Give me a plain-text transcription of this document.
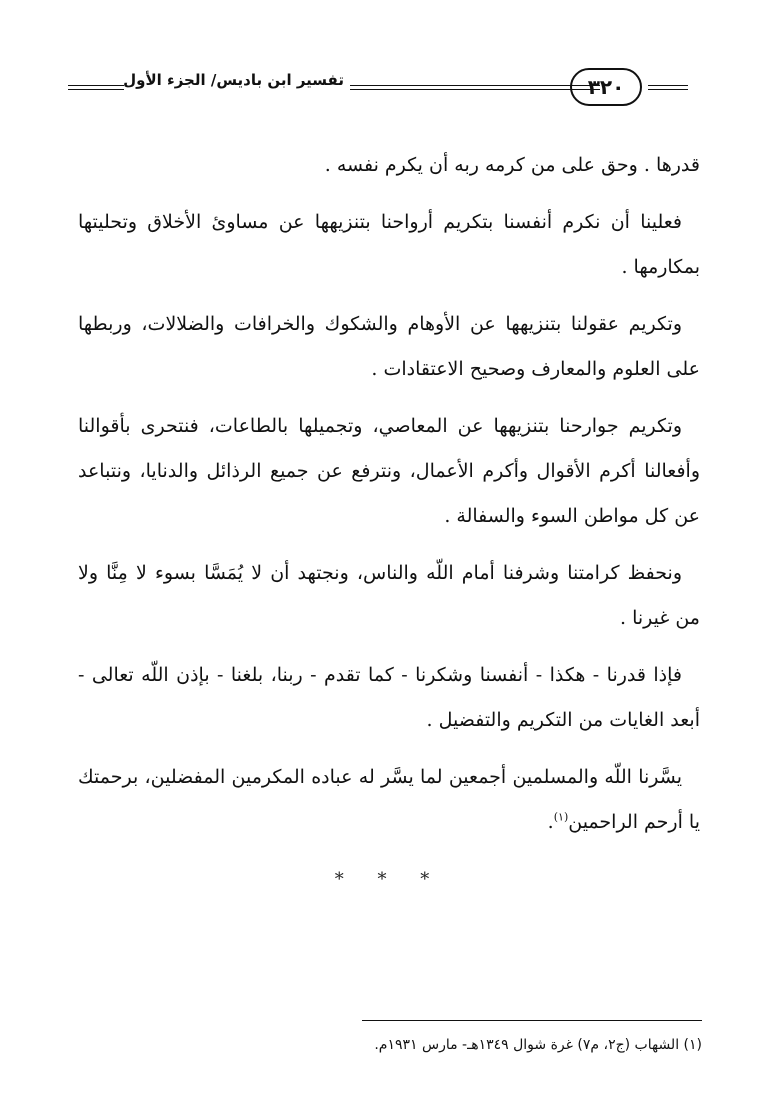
٣٢٠
تفسير ابن باديس/ الجزء الأول

قدرها . وحق على من كرمه ربه أن يكرم نفسه .

فعلينا أن نكرم أنفسنا بتكريم أرواحنا بتنزيهها عن مساوئ الأخلاق وتحليتها بمكارمها .

وتكريم عقولنا بتنزيهها عن الأوهام والشكوك والخرافات والضلالات، وربطها على العلوم والمعارف وصحيح الاعتقادات .

وتكريم جوارحنا بتنزيهها عن المعاصي، وتجميلها بالطاعات، فنتحرى بأقوالنا وأفعالنا أكرم الأقوال وأكرم الأعمال، ونترفع عن جميع الرذائل والدنايا، ونتباعد عن كل مواطن السوء والسفالة .

ونحفظ كرامتنا وشرفنا أمام اللّه والناس، ونجتهد أن لا يُمَسَّا بسوء لا مِنَّا ولا من غيرنا .

فإذا قدرنا - هكذا - أنفسنا وشكرنا - كما تقدم - ربنا، بلغنا - بإذن اللّه تعالى - أبعد الغايات من التكريم والتفضيل .

يسَّرنا اللّه والمسلمين أجمعين لما يسَّر له عباده المكرمين المفضلين، برحمتك يا أرحم الراحمين$^{(١)}$.

* * *
(١) الشهاب (ج٢، م٧) غرة شوال ١٣٤٩هـ- مارس ١٩٣١م.
